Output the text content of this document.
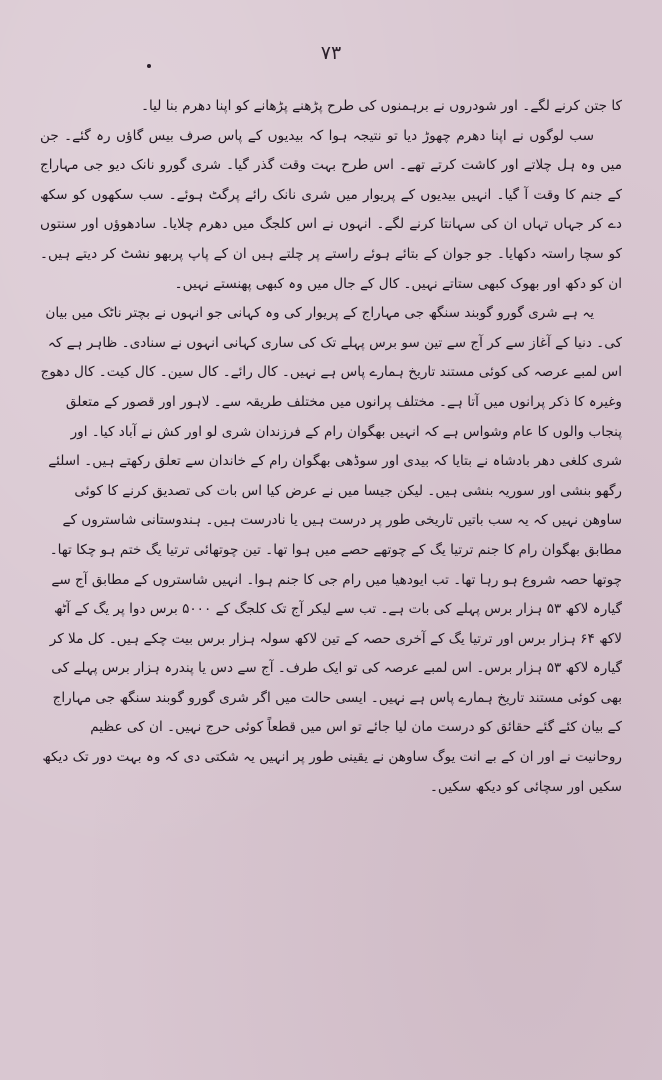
۷۳

کا جتن کرنے لگے۔ اور شودروں نے برہمنوں کی طرح پڑھنے پڑھانے کو اپنا دھرم بنا لیا۔

سب لوگوں نے اپنا دھرم چھوڑ دیا تو نتیجہ ہوا کہ بیدیوں کے پاس صرف بیس گاؤں رہ گئے۔ جن میں وہ ہل چلاتے اور کاشت کرتے تھے۔ اس طرح بہت وقت گذر گیا۔ شری گورو نانک دیو جی مہاراج کے جنم کا وقت آ گیا۔ انہیں بیدیوں کے پریوار میں شری نانک رائے پرگٹ ہوئے۔ سب سکھوں کو سکھ دے کر جہاں تہاں ان کی سہانتا کرنے لگے۔ انہوں نے اس کلجگ میں دھرم چلایا۔ سادھوؤں اور سنتوں کو سچا راستہ دکھایا۔ جو جوان کے بتائے ہوئے راستے پر چلتے ہیں ان کے پاپ پربھو نشٹ کر دیتے ہیں۔ ان کو دکھ اور بھوک کبھی ستاتے نہیں۔ کال کے جال میں وہ کبھی پھنستے نہیں۔

یہ ہے شری گورو گوبند سنگھ جی مہاراج کے پریوار کی وہ کہانی جو انہوں نے بچتر ناٹک میں بیان کی۔ دنیا کے آغاز سے کر آج سے تین سو برس پہلے تک کی ساری کہانی انہوں نے سنادی۔ ظاہر ہے کہ اس لمبے عرصہ کی کوئی مستند تاریخ ہمارے پاس ہے نہیں۔ کال رائے۔ کال سین۔ کال کیت۔ کال دھوج وغیرہ کا ذکر پرانوں میں آتا ہے۔ مختلف پرانوں میں مختلف طریقہ سے۔ لاہور اور قصور کے متعلق پنجاب والوں کا عام وشواس ہے کہ انہیں بھگوان رام کے فرزندان شری لو اور کش نے آباد کیا۔ اور شری کلغی دھر بادشاہ نے بتایا کہ بیدی اور سوڈھی بھگوان رام کے خاندان سے تعلق رکھتے ہیں۔ اسلئے رگھو بنشی اور سوریہ بنشی ہیں۔ لیکن جیسا میں نے عرض کیا اس بات کی تصدیق کرنے کا کوئی ساوھن نہیں کہ یہ سب باتیں تاریخی طور پر درست ہیں یا نادرست ہیں۔ ہندوستانی شاستروں کے مطابق بھگوان رام کا جنم ترتیا یگ کے چوتھے حصے میں ہوا تھا۔ تین چوتھائی ترتیا یگ ختم ہو چکا تھا۔ چوتھا حصہ شروع ہو رہا تھا۔ تب ایودھیا میں رام جی کا جنم ہوا۔ انہیں شاستروں کے مطابق آج سے گیارہ لاکھ ۵۳ ہزار برس پہلے کی بات ہے۔ تب سے لیکر آج تک کلجگ کے ۵۰۰۰ برس دوا پر یگ کے آٹھ لاکھ ۶۴ ہزار برس اور ترتیا یگ کے آخری حصہ کے تین لاکھ سولہ ہزار برس بیت چکے ہیں۔ کل ملا کر گیارہ لاکھ ۵۳ ہزار برس۔ اس لمبے عرصہ کی تو ایک طرف۔ آج سے دس یا پندرہ ہزار برس پہلے کی بھی کوئی مستند تاریخ ہمارے پاس ہے نہیں۔ ایسی حالت میں اگر شری گورو گوبند سنگھ جی مہاراج کے بیان کئے گئے حقائق کو درست مان لیا جائے تو اس میں قطعاً کوئی حرج نہیں۔ ان کی عظیم روحانیت نے اور ان کے بے انت یوگ ساوھن نے یقینی طور پر انہیں یہ شکتی دی کہ وہ بہت دور تک دیکھ سکیں اور سچائی کو دیکھ سکیں۔
